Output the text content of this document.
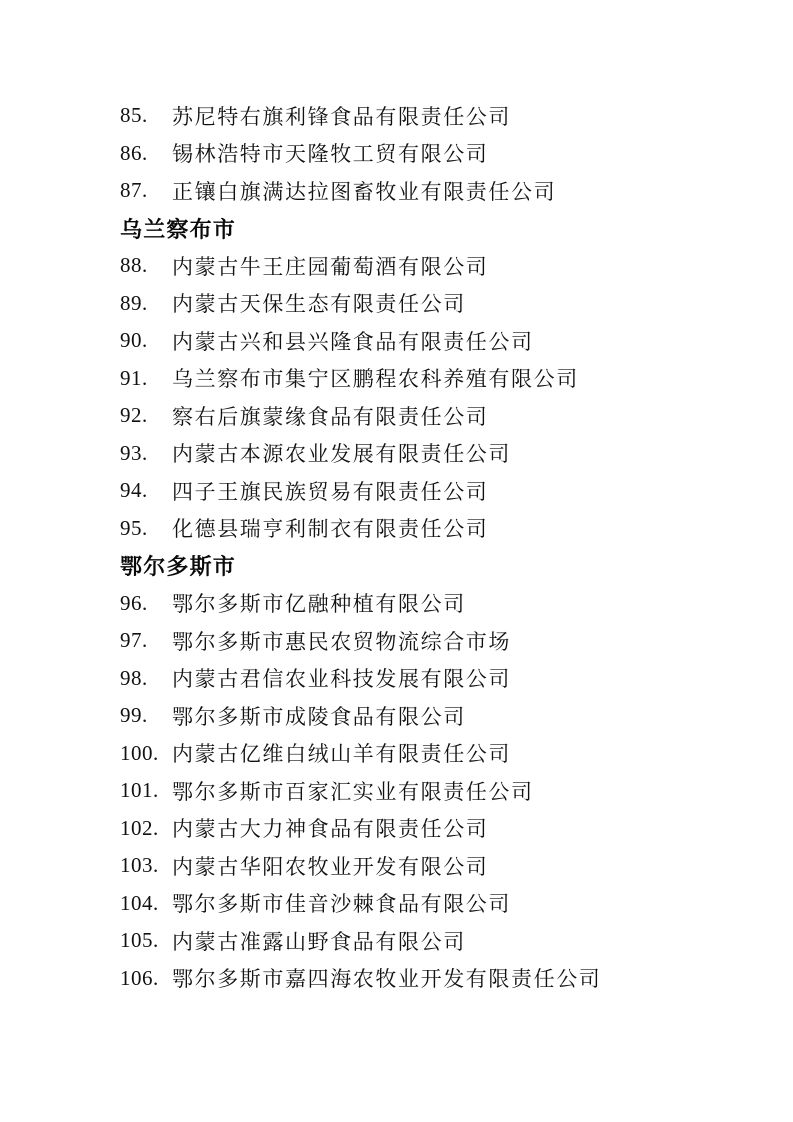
85.	苏尼特右旗利锋食品有限责任公司
86.	锡林浩特市天隆牧工贸有限公司
87.	正镶白旗满达拉图畜牧业有限责任公司
乌兰察布市
88.	内蒙古牛王庄园葡萄酒有限公司
89.	内蒙古天保生态有限责任公司
90.	内蒙古兴和县兴隆食品有限责任公司
91.	乌兰察布市集宁区鹏程农科养殖有限公司
92.	察右后旗蒙缘食品有限责任公司
93.	内蒙古本源农业发展有限责任公司
94.	四子王旗民族贸易有限责任公司
95.	化德县瑞亨利制衣有限责任公司
鄂尔多斯市
96.	鄂尔多斯市亿融种植有限公司
97.	鄂尔多斯市惠民农贸物流综合市场
98.	内蒙古君信农业科技发展有限公司
99.	鄂尔多斯市成陵食品有限公司
100. 内蒙古亿维白绒山羊有限责任公司
101. 鄂尔多斯市百家汇实业有限责任公司
102. 内蒙古大力神食品有限责任公司
103. 内蒙古华阳农牧业开发有限公司
104. 鄂尔多斯市佳音沙棘食品有限公司
105. 内蒙古准露山野食品有限公司
106. 鄂尔多斯市嘉四海农牧业开发有限责任公司
